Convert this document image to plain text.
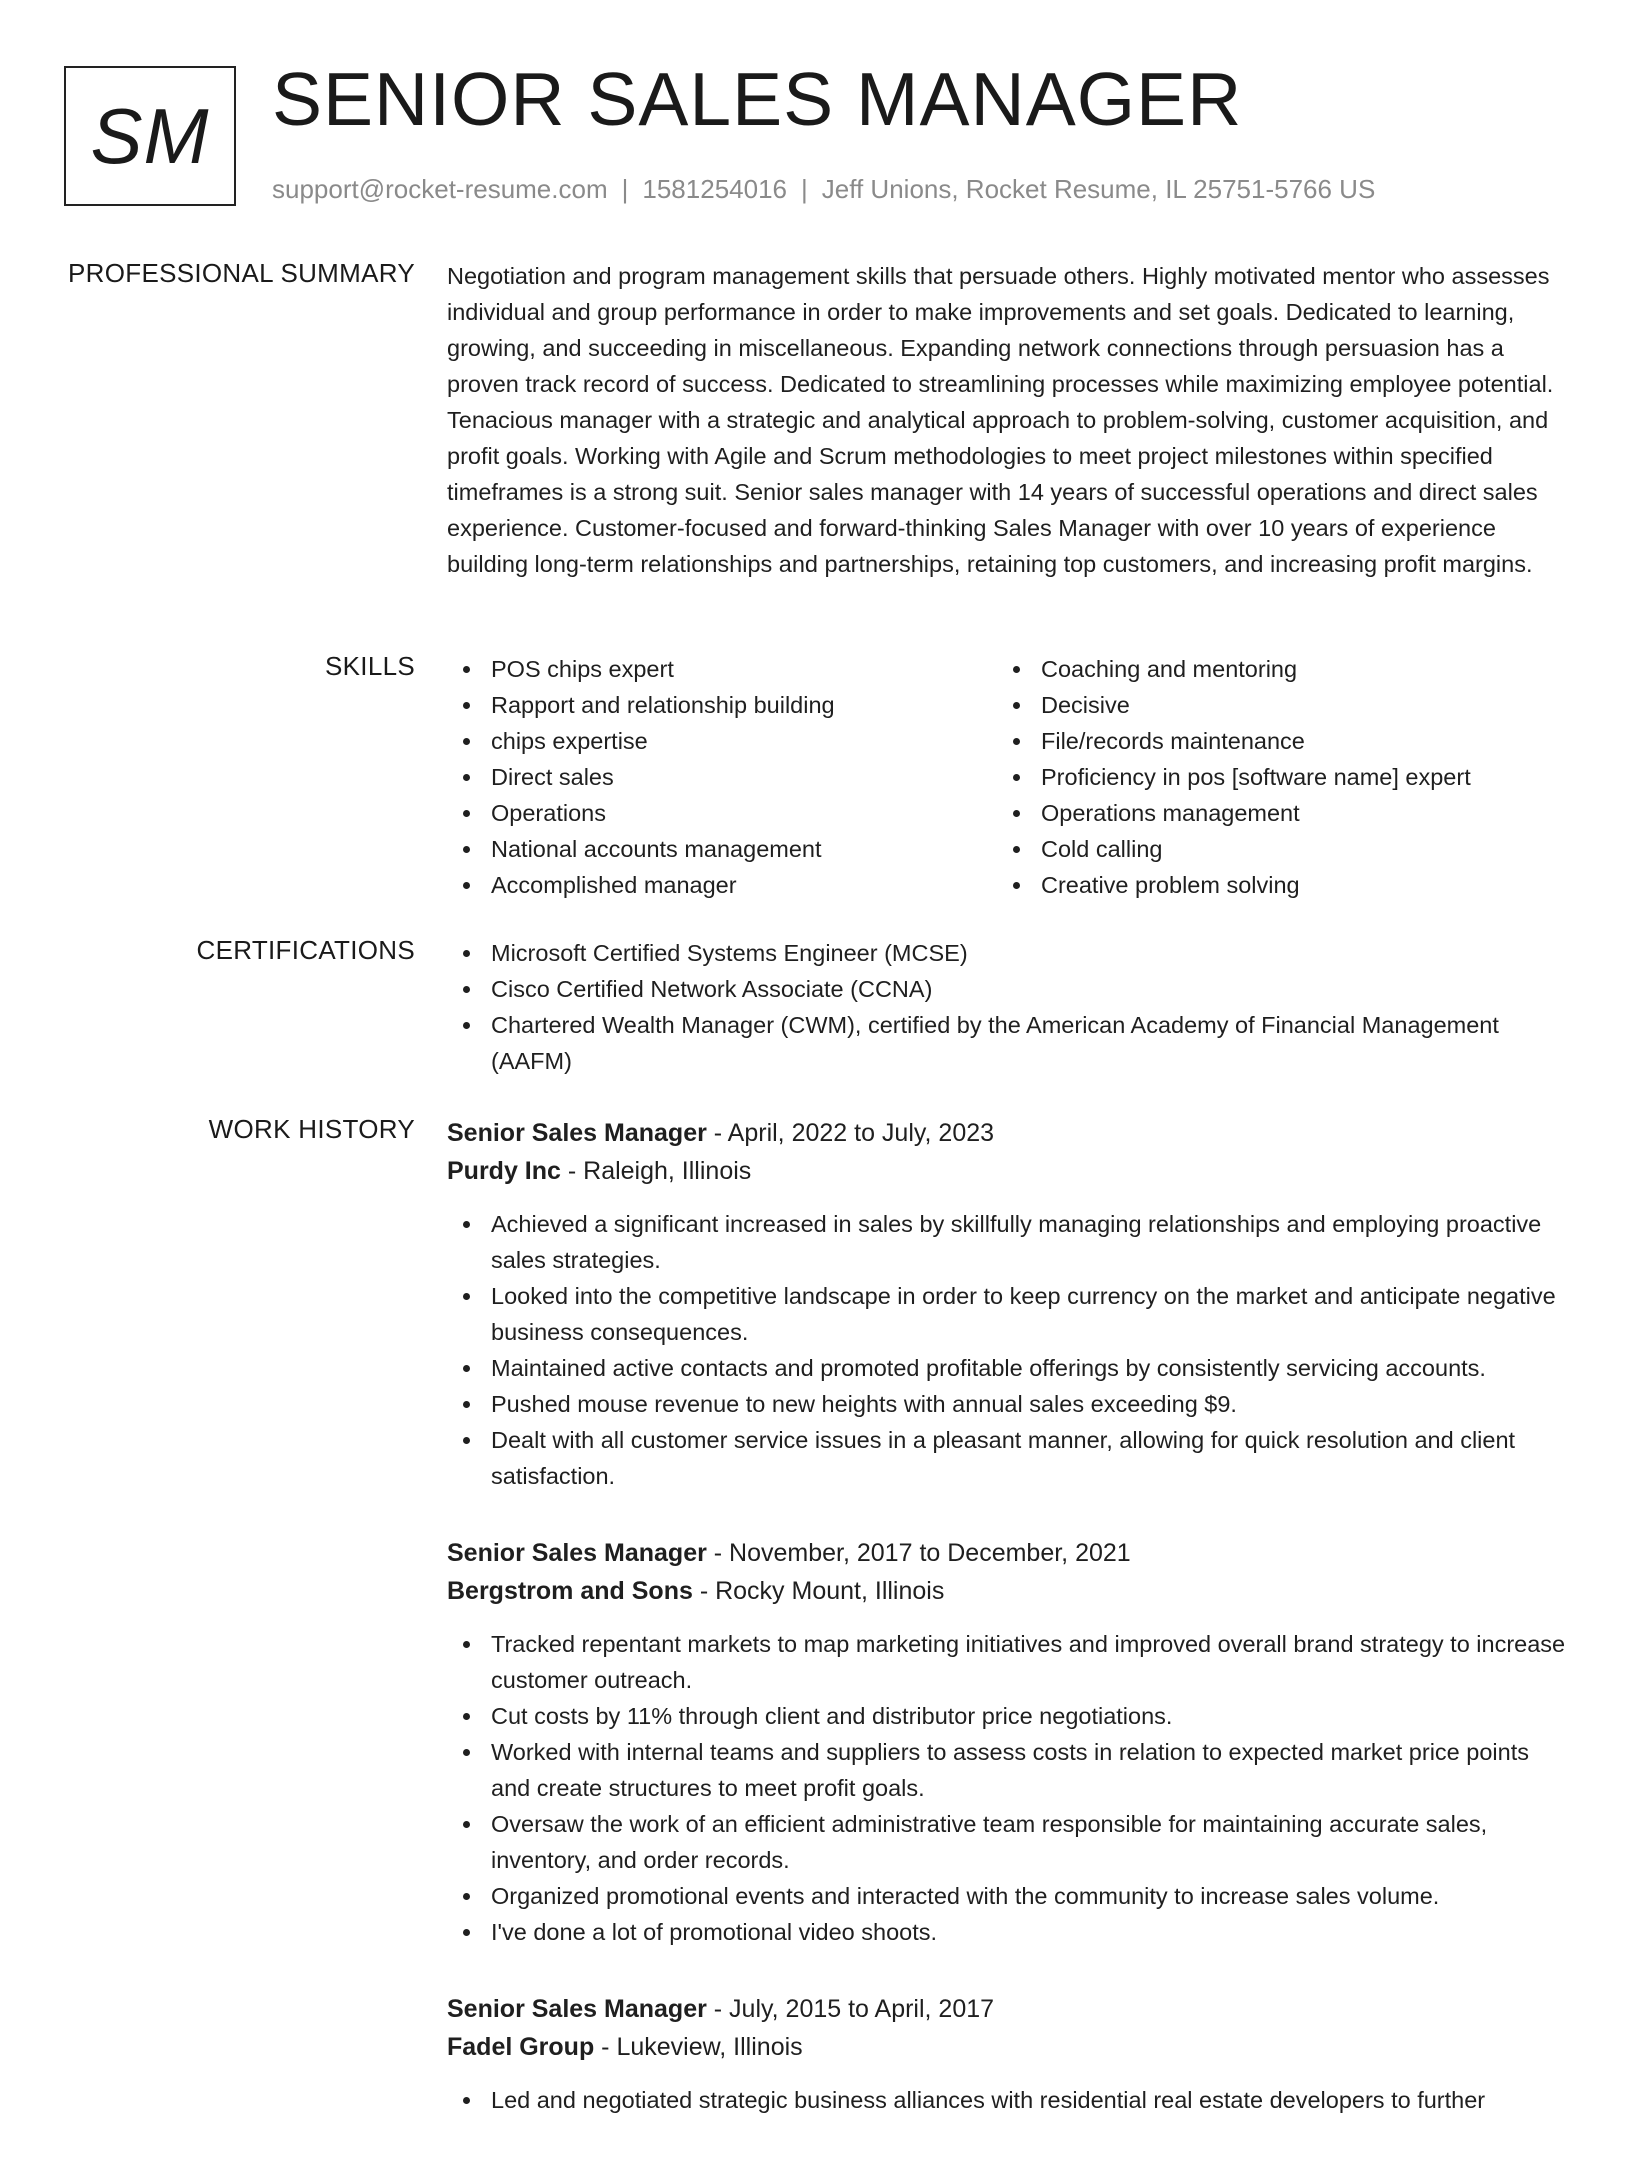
SM SENIOR SALES MANAGER
support@rocket-resume.com | 1581254016 | Jeff Unions, Rocket Resume, IL 25751-5766 US
PROFESSIONAL SUMMARY Negotiation and program management skills that persuade others. Highly motivated mentor who assesses individual and group performance in order to make improvements and set goals. Dedicated to learning, growing, and succeeding in miscellaneous. Expanding network connections through persuasion has a proven track record of success. Dedicated to streamlining processes while maximizing employee potential. Tenacious manager with a strategic and analytical approach to problem-solving, customer acquisition, and profit goals. Working with Agile and Scrum methodologies to meet project milestones within specified timeframes is a strong suit. Senior sales manager with 14 years of successful operations and direct sales experience. Customer-focused and forward-thinking Sales Manager with over 10 years of experience building long-term relationships and partnerships, retaining top customers, and increasing profit margins.

SKILLS	POS chips expert
Rapport and relationship building
chips expertise
Direct sales
Operations
National accounts management
Accomplished manager
Coaching and mentoring
Decisive
File/records maintenance
Proficiency in pos [software name] expert
Operations management
Cold calling
Creative problem solving
CERTIFICATIONS	Microsoft Certified Systems Engineer (MCSE)
Cisco Certified Network Associate (CCNA)
Chartered Wealth Manager (CWM), certified by the American Academy of Financial Management (AAFM)
WORK HISTORY Senior Sales Manager - April, 2022 to July, 2023
Purdy Inc - Raleigh, Illinois
Achieved a significant increased in sales by skillfully managing relationships and employing proactive sales strategies.
Looked into the competitive landscape in order to keep currency on the market and anticipate negative business consequences.
Maintained active contacts and promoted profitable offerings by consistently servicing accounts.
Pushed mouse revenue to new heights with annual sales exceeding $9.
Dealt with all customer service issues in a pleasant manner, allowing for quick resolution and client satisfaction.
Senior Sales Manager - November, 2017 to December, 2021
Bergstrom and Sons - Rocky Mount, Illinois
Tracked repentant markets to map marketing initiatives and improved overall brand strategy to increase customer outreach.
Cut costs by 11% through client and distributor price negotiations.
Worked with internal teams and suppliers to assess costs in relation to expected market price points and create structures to meet profit goals.
Oversaw the work of an efficient administrative team responsible for maintaining accurate sales, inventory, and order records.
Organized promotional events and interacted with the community to increase sales volume.
I've done a lot of promotional video shoots.
Senior Sales Manager - July, 2015 to April, 2017
Fadel Group - Lukeview, Illinois
Led and negotiated strategic business alliances with residential real estate developers to further
